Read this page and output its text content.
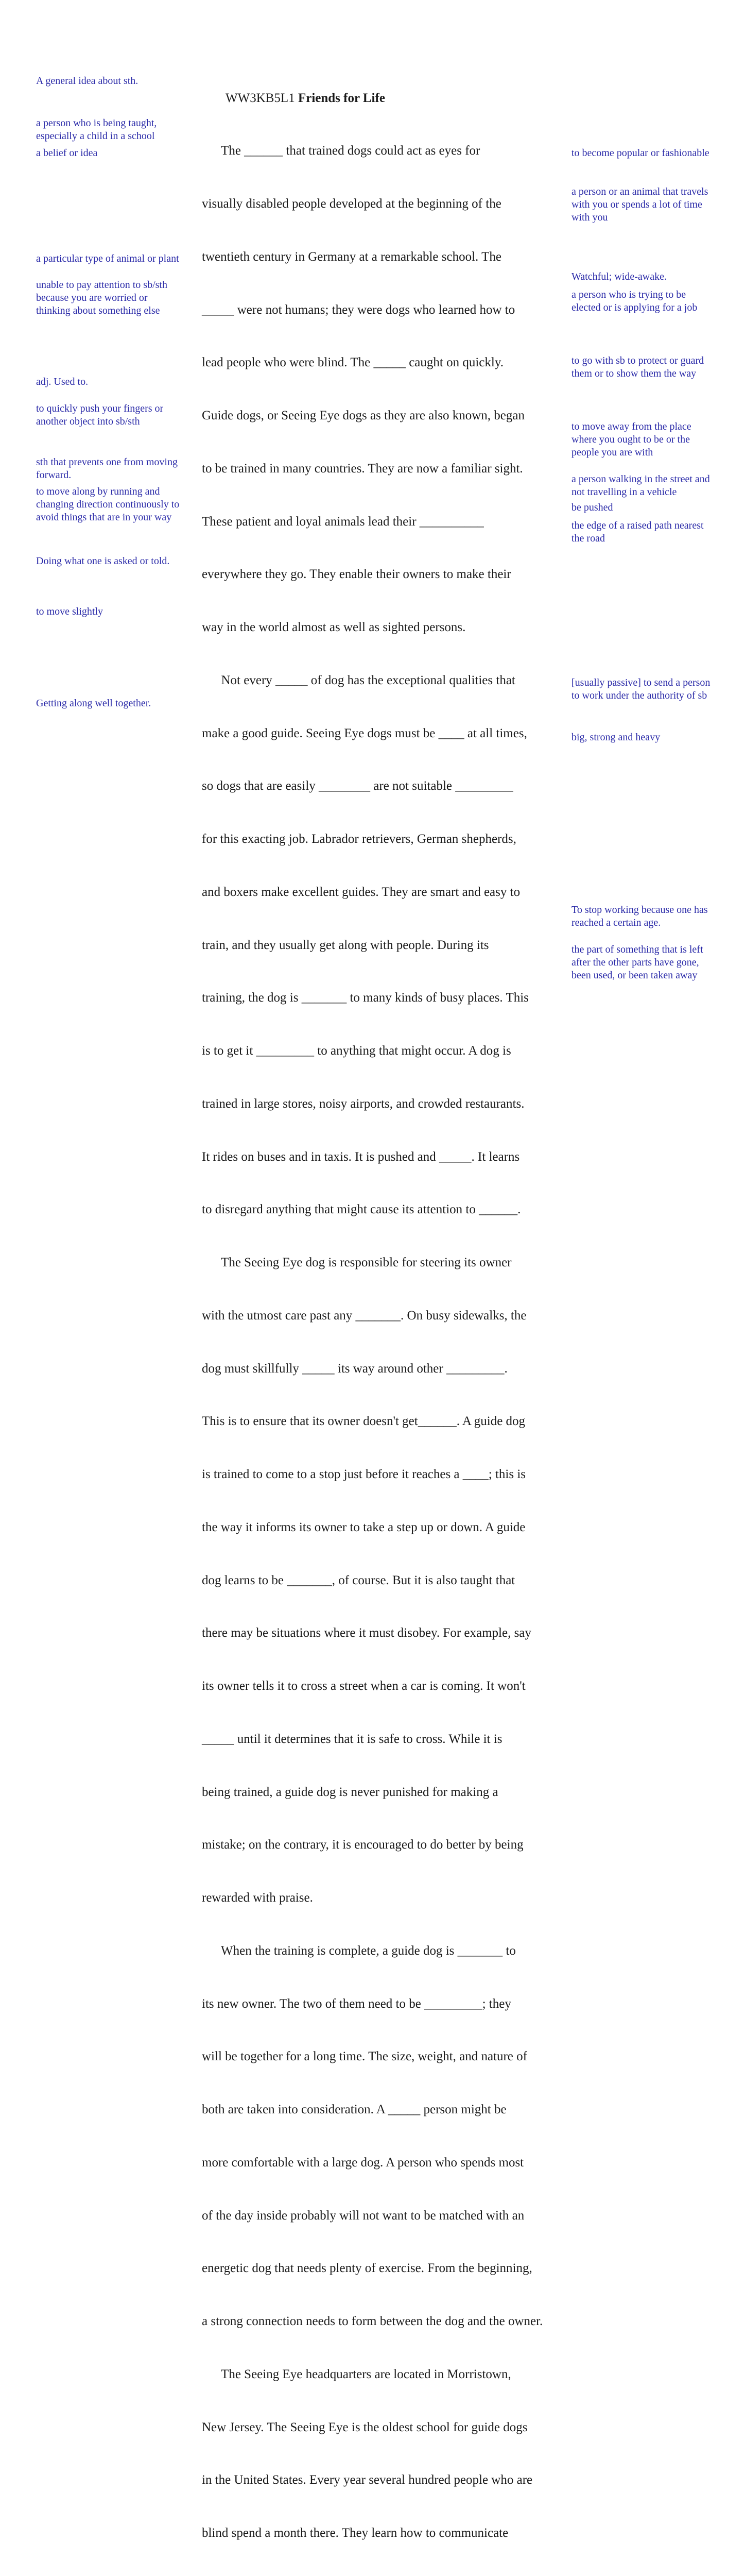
WW3KB5L1 Friends for Life

The ______ that trained dogs could act as eyes for

visually disabled people developed at the beginning of the

twentieth century in Germany at a remarkable school. The

_____ were not humans; they were dogs who learned how to

lead people who were blind. The _____ caught on quickly.

Guide dogs, or Seeing Eye dogs as they are also known, began

to be trained in many countries. They are now a familiar sight.

These patient and loyal animals lead their __________

everywhere they go. They enable their owners to make their

way in the world almost as well as sighted persons.

Not every _____ of dog has the exceptional qualities that

make a good guide. Seeing Eye dogs must be ____ at all times,

so dogs that are easily ________ are not suitable _________

for this exacting job. Labrador retrievers, German shepherds,

and boxers make excellent guides. They are smart and easy to

train, and they usually get along with people. During its

training, the dog is _______ to many kinds of busy places. This

is to get it _________ to anything that might occur. A dog is

trained in large stores, noisy airports, and crowded restaurants.

It rides on buses and in taxis. It is pushed and _____. It learns

to disregard anything that might cause its attention to ______.

The Seeing Eye dog is responsible for steering its owner

with the utmost care past any _______. On busy sidewalks, the

dog must skillfully _____ its way around other _________.

This is to ensure that its owner doesn't get______. A guide dog

is trained to come to a stop just before it reaches a ____; this is

the way it informs its owner to take a step up or down. A guide

dog learns to be _______, of course. But it is also taught that

there may be situations where it must disobey. For example, say

its owner tells it to cross a street when a car is coming. It won't

_____ until it determines that it is safe to cross. While it is

being trained, a guide dog is never punished for making a

mistake; on the contrary, it is encouraged to do better by being

rewarded with praise.

When the training is complete, a guide dog is _______ to

its new owner. The two of them need to be _________; they

will be together for a long time. The size, weight, and nature of

both are taken into consideration. A _____ person might be

more comfortable with a large dog. A person who spends most

of the day inside probably will not want to be matched with an

energetic dog that needs plenty of exercise. From the beginning,

a strong connection needs to form between the dog and the owner.

The Seeing Eye headquarters are located in Morristown,

New Jersey. The Seeing Eye is the oldest school for guide dogs

in the United States. Every year several hundred people who are

blind spend a month there. They learn how to communicate

A general idea about sth.
a person who is being taught,
especially a child in a school
a belief or idea
a particular type of animal or plant
unable to pay attention to sb/sth
because you are worried or
thinking about something else
adj. Used to.
to quickly push your fingers or
another object into sb/sth
sth that prevents one from moving
forward.
to move along by running and
changing direction continuously to
avoid things that are in your way
Doing what one is asked or told.
to move slightly
Getting along well together.
to become popular or fashionable
a person or an animal that travels
with you or spends a lot of time
with you
Watchful; wide-awake.
a person who is trying to be
elected or is applying for a job
to go with sb to protect or guard
them or to show them the way
to move away from the place
where you ought to be or the
people you are with
a person walking in the street and
not travelling in a vehicle
be pushed
the edge of a raised path nearest
the road
[usually passive] to send a person
to work under the authority of sb
big, strong and heavy
To stop working because one has
reached a certain age.
the part of something that is left
after the other parts have gone,
been used, or been taken away
